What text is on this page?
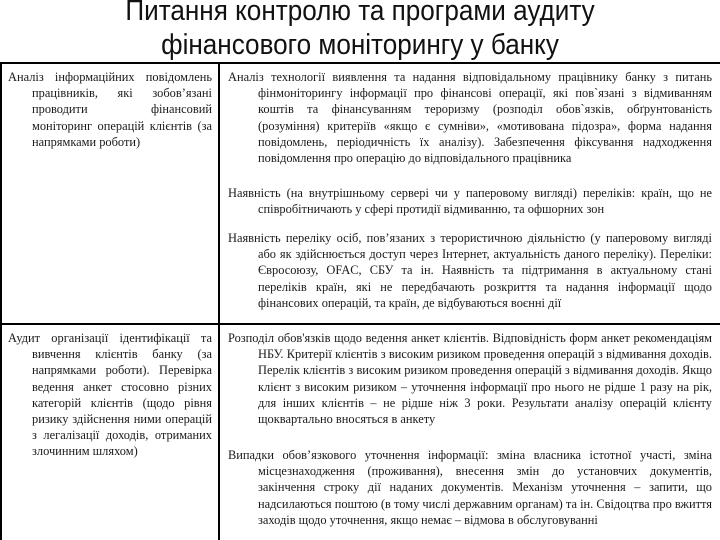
Питання контролю та програми аудиту
фінансового моніторингу у банку

Аналіз інформаційних повідомлень працівників, які зобов’язані проводити фінансовий моніторинг операцій клієнтів (за напрямками роботи)

Аналіз технології виявлення та надання відповідальному працівнику банку з питань фінмоніторингу інформації про фінансові операції, які пов`язані з відмиванням коштів та фінансуванням тероризму (розподіл обов`язків, обґрунтованість (розуміння) критеріїв «якщо є сумніви», «мотивована підозра», форма надання повідомлень, періодичність їх аналізу). Забезпечення фіксування надходження повідомлення про операцію до відповідального працівника

Наявність (на внутрішньому сервері чи у паперовому вигляді) переліків: країн, що не співробітничають у сфері протидії відмиванню, та офшорних зон

Наявність переліку осіб, пов’язаних з терористичною діяльністю (у паперовому вигляді або як здійснюється доступ через Інтернет, актуальність даного переліку). Переліки: Євросоюзу, OFAC, СБУ та ін. Наявність та підтримання в актуальному стані переліків країн, які не передбачають розкриття та надання інформації щодо фінансових операцій, та країн, де відбуваються воєнні дії

Аудит організації ідентифікації та вивчення клієнтів банку (за напрямками роботи). Перевірка ведення анкет стосовно різних категорій клієнтів (щодо рівня ризику здійснення ними операцій з легалізації доходів, отриманих злочинним шляхом)

Розподіл обов'язків щодо ведення анкет клієнтів. Відповідність форм анкет рекомендаціям НБУ. Критерії клієнтів з високим ризиком проведення операцій з відмивання доходів. Перелік клієнтів з високим ризиком проведення операцій з відмивання доходів. Якщо клієнт з високим ризиком – уточнення інформації про нього не рідше 1 разу на рік, для інших клієнтів – не рідше ніж 3 роки. Результати аналізу операцій клієнту щоквартально вносяться в анкету

Випадки обов’язкового уточнення інформації: зміна власника істотної участі, зміна місцезнаходження (проживання), внесення змін до установчих документів, закінчення строку дії наданих документів. Механізм уточнення – запити, що надсилаються поштою (в тому числі державним органам) та ін. Свідоцтва про вжиття заходів щодо уточнення, якщо немає – відмова в обслуговуванні
